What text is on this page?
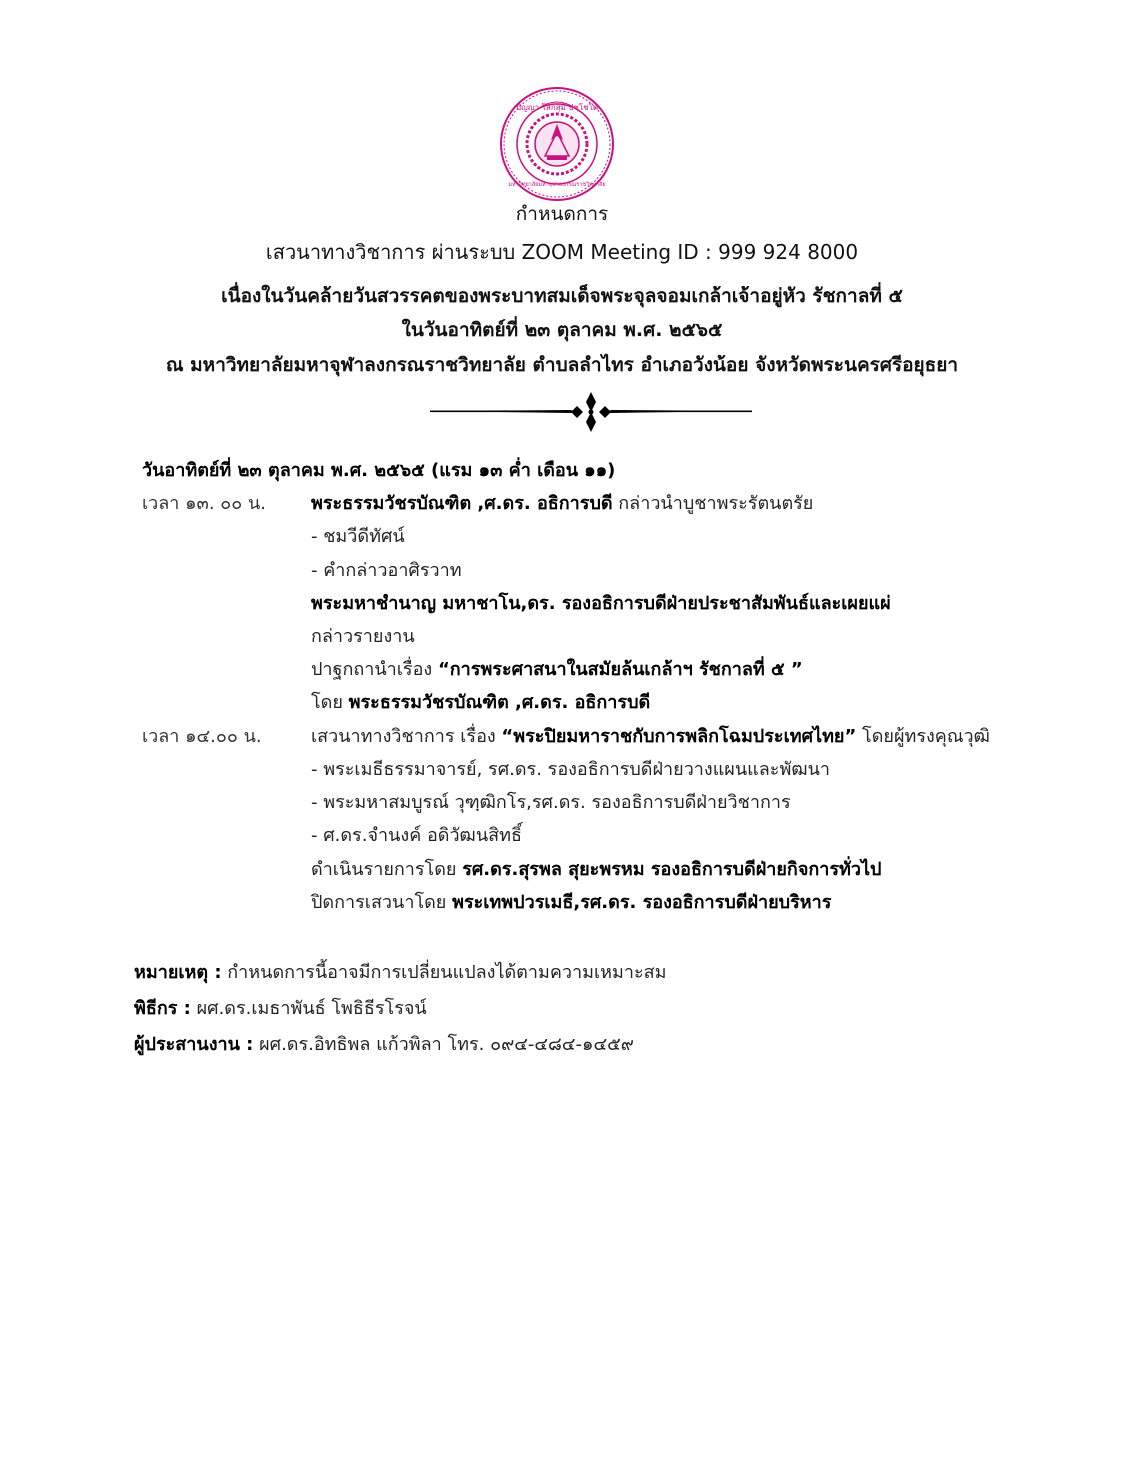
ปัญญา โลกสฺมิ ปชฺโชโต
มหาวิทยาลัยมหาจุฬาลงกรณราชวิทยาลัย
กำหนดการ
เสวนาทางวิชาการ ผ่านระบบ ZOOM Meeting ID : 999 924 8000
เนื่องในวันคล้ายวันสวรรคตของพระบาทสมเด็จพระจุลจอมเกล้าเจ้าอยู่หัว รัชกาลที่ ๕
ในวันอาทิตย์ที่ ๒๓ ตุลาคม พ.ศ. ๒๕๖๕
ณ มหาวิทยาลัยมหาจุฬาลงกรณราชวิทยาลัย ตำบลลำไทร อำเภอวังน้อย จังหวัดพระนครศรีอยุธยา
วันอาทิตย์ที่ ๒๓ ตุลาคม พ.ศ. ๒๕๖๕ (แรม ๑๓ ค่ำ เดือน ๑๑)
เวลา ๑๓. ๐๐ น. พระธรรมวัชรบัณฑิต ,ศ.ดร. อธิการบดี กล่าวนำบูชาพระรัตนตรัย
- ชมวีดีทัศน์
- คำกล่าวอาศิรวาท
พระมหาชำนาญ มหาชาโน,ดร. รองอธิการบดีฝ่ายประชาสัมพันธ์และเผยแผ่
กล่าวรายงาน
ปาฐกถานำเรื่อง “การพระศาสนาในสมัยล้นเกล้าฯ รัชกาลที่ ๕ ”
โดย พระธรรมวัชรบัณฑิต ,ศ.ดร. อธิการบดี
เวลา ๑๔.๐๐ น.	เสวนาทางวิชาการ เรื่อง “พระปิยมหาราชกับการพลิกโฉมประเทศไทย” โดยผู้ทรงคุณวุฒิ
- พระเมธีธรรมาจารย์, รศ.ดร. รองอธิการบดีฝ่ายวางแผนและพัฒนา
- พระมหาสมบูรณ์ วุฑฺฒิกโร,รศ.ดร. รองอธิการบดีฝ่ายวิชาการ
- ศ.ดร.จำนงค์ อดิวัฒนสิทธิ์
ดำเนินรายการโดย รศ.ดร.สุรพล สุยะพรหม รองอธิการบดีฝ่ายกิจการทั่วไป
ปิดการเสวนาโดย พระเทพปวรเมธี,รศ.ดร. รองอธิการบดีฝ่ายบริหาร
หมายเหตุ : กำหนดการนี้อาจมีการเปลี่ยนแปลงได้ตามความเหมาะสม
พิธีกร : ผศ.ดร.เมธาพันธ์ โพธิธีรโรจน์
ผู้ประสานงาน : ผศ.ดร.อิทธิพล แก้วพิลา โทร. ๐๙๔-๔๘๔-๑๔๕๙
